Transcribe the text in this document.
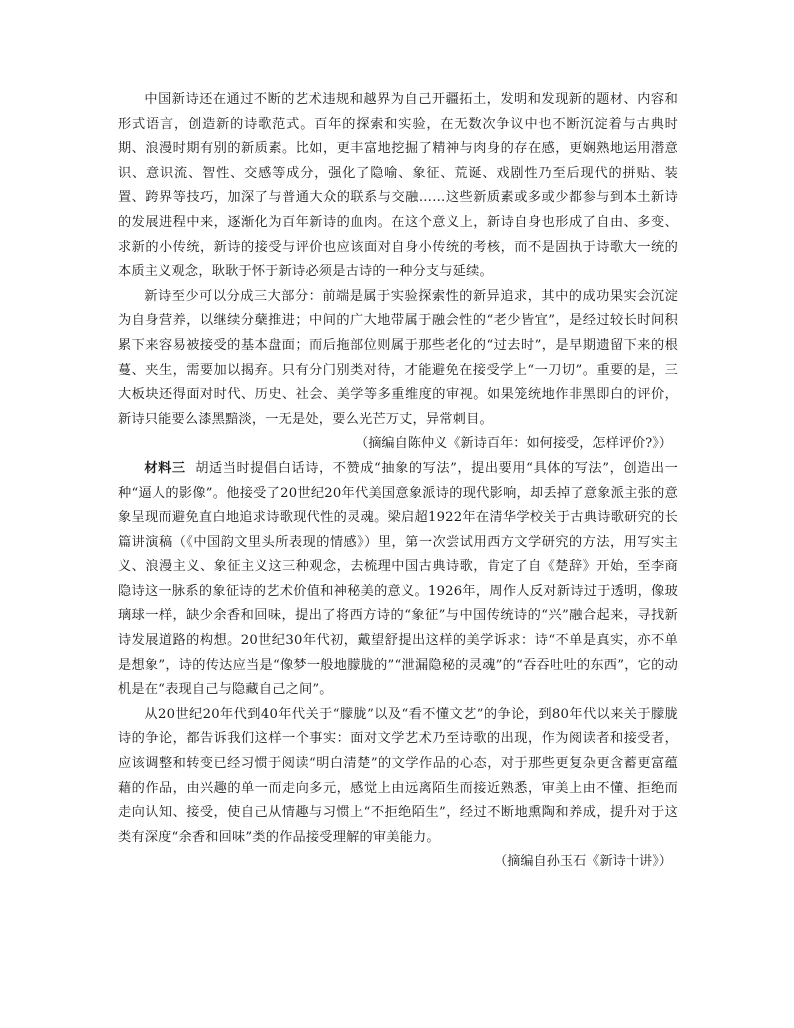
中国新诗还在通过不断的艺术违规和越界为自己开疆拓土，发明和发现新的题材、内容和形式语言，创造新的诗歌范式。百年的探索和实验，在无数次争议中也不断沉淀着与古典时期、浪漫时期有别的新质素。比如，更丰富地挖掘了精神与肉身的存在感，更娴熟地运用潜意识、意识流、智性、交感等成分，强化了隐喻、象征、荒诞、戏剧性乃至后现代的拼贴、装置、跨界等技巧，加深了与普通大众的联系与交融……这些新质素或多或少都参与到本土新诗的发展进程中来，逐渐化为百年新诗的血肉。在这个意义上，新诗自身也形成了自由、多变、求新的小传统，新诗的接受与评价也应该面对自身小传统的考核，而不是固执于诗歌大一统的本质主义观念，耿耿于怀于新诗必须是古诗的一种分支与延续。

新诗至少可以分成三大部分：前端是属于实验探索性的新异追求，其中的成功果实会沉淀为自身营养，以继续分蘖推进；中间的广大地带属于融会性的“老少皆宜”，是经过较长时间积累下来容易被接受的基本盘面；而后拖部位则属于那些老化的“过去时”，是早期遗留下来的根蔓、夹生，需要加以揭弃。只有分门别类对待，才能避免在接受学上“一刀切”。重要的是，三大板块还得面对时代、历史、社会、美学等多重维度的审视。如果笼统地作非黑即白的评价，新诗只能要么漆黑黯淡，一无是处，要么光芒万丈，异常刺目。

（摘编自陈仲义《新诗百年：如何接受，怎样评价?》）

材料三 胡适当时提倡白话诗，不赞成“抽象的写法”，提出要用“具体的写法”，创造出一种“逼人的影像”。他接受了20世纪20年代美国意象派诗的现代影响，却丢掉了意象派主张的意象呈现而避免直白地追求诗歌现代性的灵魂。梁启超1922年在清华学校关于古典诗歌研究的长篇讲演稿（《中国韵文里头所表现的情感》）里，第一次尝试用西方文学研究的方法，用写实主义、浪漫主义、象征主义这三种观念，去梳理中国古典诗歌，肯定了自《楚辞》开始，至李商隐诗这一脉系的象征诗的艺术价值和神秘美的意义。1926年，周作人反对新诗过于透明，像玻璃球一样，缺少余香和回味，提出了将西方诗的“象征”与中国传统诗的“兴”融合起来，寻找新诗发展道路的构想。20世纪30年代初，戴望舒提出这样的美学诉求：诗“不单是真实，亦不单是想象”，诗的传达应当是“像梦一般地朦胧的”“泄漏隐秘的灵魂”的“吞吞吐吐的东西”，它的动机是在“表现自己与隐藏自己之间”。

从20世纪20年代到40年代关于“朦胧”以及“看不懂文艺”的争论，到80年代以来关于朦胧诗的争论，都告诉我们这样一个事实：面对文学艺术乃至诗歌的出现，作为阅读者和接受者，应该调整和转变已经习惯于阅读“明白清楚”的文学作品的心态，对于那些更复杂更含蓄更富蕴藉的作品，由兴趣的单一而走向多元，感觉上由远离陌生而接近熟悉，审美上由不懂、拒绝而走向认知、接受，使自己从情趣与习惯上“不拒绝陌生”，经过不断地熏陶和养成，提升对于这类有深度“余香和回味”类的作品接受理解的审美能力。

（摘编自孙玉石《新诗十讲》）
